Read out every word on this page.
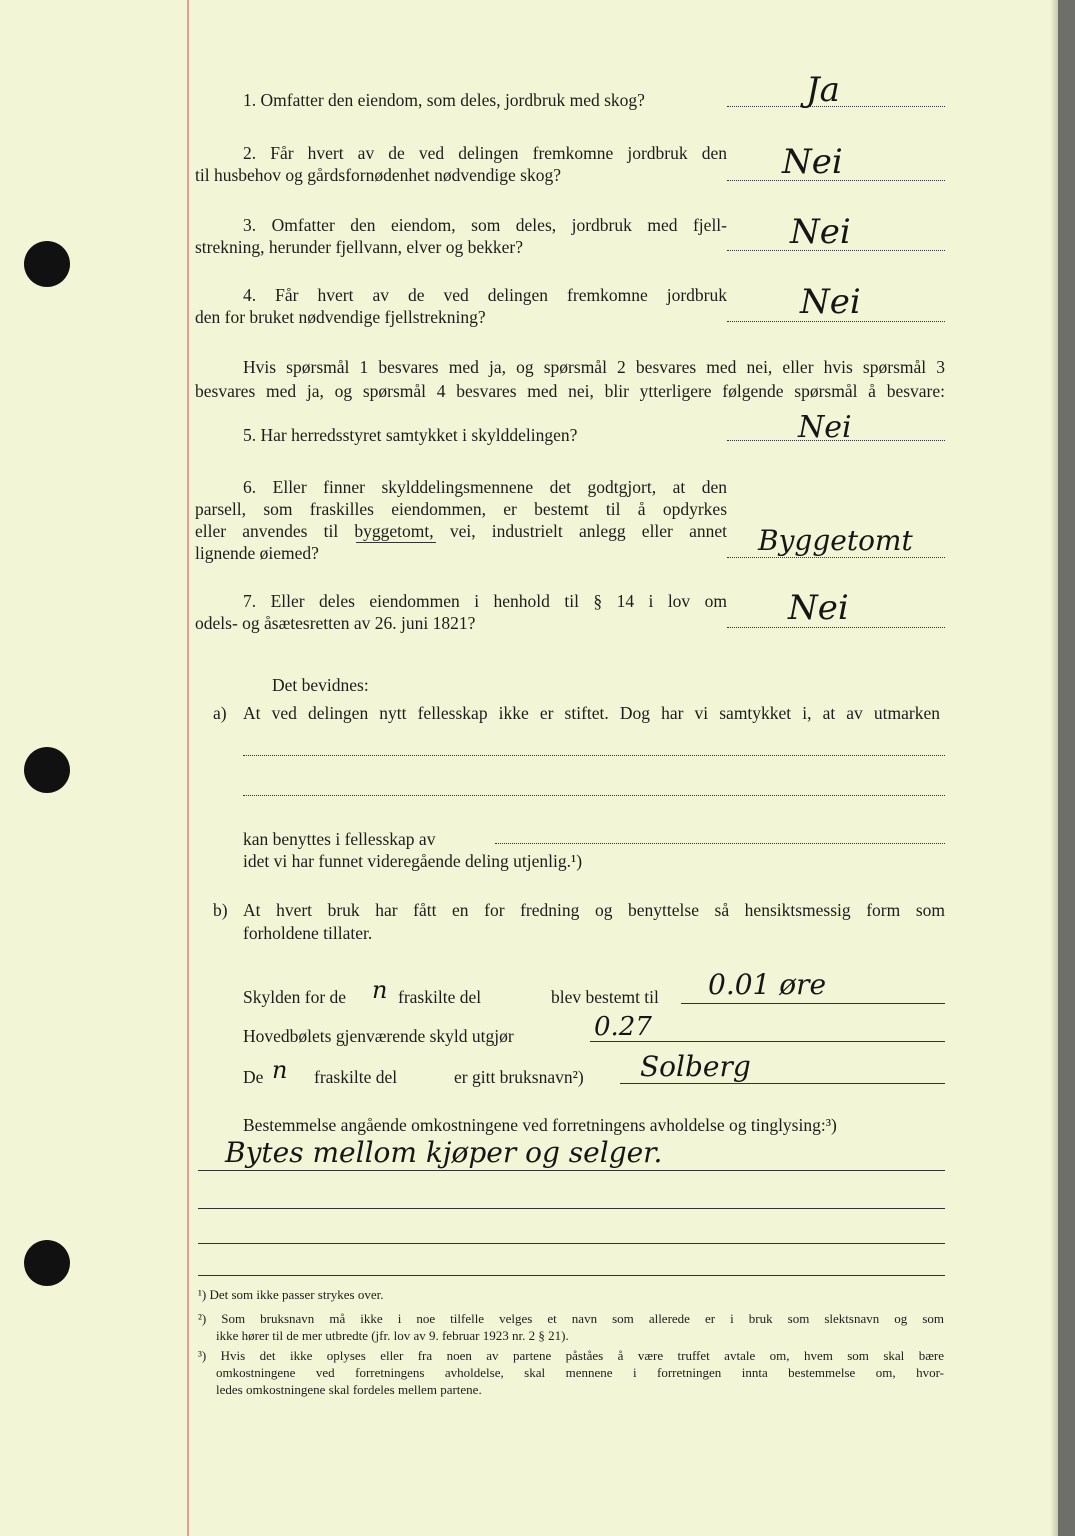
1. Omfatter den eiendom, som deles, jordbruk med skog?	Ja
2. Får hvert av de ved delingen fremkomne jordbruk den
til husbehov og gårdsfornødenhet nødvendige skog?	Nei
3. Omfatter den eiendom, som deles, jordbruk med fjell-
strekning, herunder fjellvann, elver og bekker?	Nei
4. Får hvert av de ved delingen fremkomne jordbruk
den for bruket nødvendige fjellstrekning?	Nei
Hvis spørsmål 1 besvares med ja, og spørsmål 2 besvares med nei, eller hvis spørsmål 3
besvares med ja, og spørsmål 4 besvares med nei, blir ytterligere følgende spørsmål å besvare:
5. Har herredsstyret samtykket i skylddelingen?	Nei
6. Eller finner skylddelingsmennene det godtgjort, at den
parsell, som fraskilles eiendommen, er bestemt til å opdyrkes
eller anvendes til byggetomt, vei, industrielt anlegg eller annet
lignende øiemed?	Byggetomt
7. Eller deles eiendommen i henhold til § 14 i lov om
odels- og åsætesretten av 26. juni 1821?	Nei
Det bevidnes:
a) At ved delingen nytt fellesskap ikke er stiftet. Dog har vi samtykket i, at av utmarken
kan benyttes i fellesskap av
idet vi har funnet videregående deling utjenlig.¹)
b) At hvert bruk har fått en for fredning og benyttelse så hensiktsmessig form som
forholdene tillater.
Skylden for de n fraskilte del	blev bestemt til 0.01 øre
Hovedbølets gjenværende skyld utgjør	0.27
De n fraskilte del	er gitt bruksnavn²) Solberg
Bestemmelse angående omkostningene ved forretningens avholdelse og tinglysing:³)
Bytes mellom kjøper og selger.
¹) Det som ikke passer strykes over.
²) Som bruksnavn må ikke i noe tilfelle velges et navn som allerede er i bruk som slektsnavn og som
ikke hører til de mer utbredte (jfr. lov av 9. februar 1923 nr. 2 § 21).
³) Hvis det ikke oplyses eller fra noen av partene påståes å være truffet avtale om, hvem som skal bære
omkostningene ved forretningens avholdelse, skal mennene i forretningen innta bestemmelse om, hvor-
ledes omkostningene skal fordeles mellem partene.
